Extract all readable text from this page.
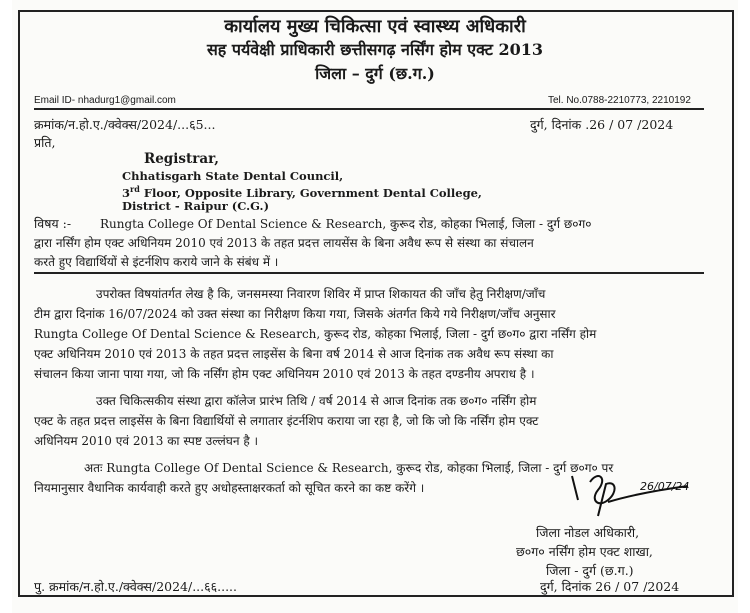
कार्यालय मुख्य चिकित्सा एवं स्वास्थ्य अधिकारी
सह पर्यवेक्षी प्राधिकारी छत्तीसगढ़ नर्सिंग होम एक्ट 2013
जिला – दुर्ग (छ.ग.)
Email ID- nhadurg1@gmail.com	Tel. No.0788-2210773, 2210192
क्रमांक/न.हो.ए./क्वेक्स/2024/...६5...	दुर्ग, दिनांक .26 / 07 /2024
प्रति,
Registrar,
Chhatisgarh State Dental Council,
3rd Floor, Opposite Library, Government Dental College,
District - Raipur (C.G.)
विषय :- Rungta College Of Dental Science & Research, कुरूद रोड, कोहका भिलाई, जिला - दुर्ग छ०ग०
द्वारा नर्सिंग होम एक्ट अधिनियम 2010 एवं 2013 के तहत प्रदत्त लायसेंस के बिना अवैध रूप से संस्था का संचालन
करते हुए विद्यार्थियों से इंटर्नशिप कराये जाने के संबंध में ।
उपरोक्त विषयांतर्गत लेख है कि, जनसमस्या निवारण शिविर में प्राप्त शिकायत की जाँच हेतु निरीक्षण/जाँच
टीम द्वारा दिनांक 16/07/2024 को उक्त संस्था का निरीक्षण किया गया, जिसके अंतर्गत किये गये निरीक्षण/जाँच अनुसार
Rungta College Of Dental Science & Research, कुरूद रोड, कोहका भिलाई, जिला - दुर्ग छ०ग० द्वारा नर्सिंग होम
एक्ट अधिनियम 2010 एवं 2013 के तहत प्रदत्त लाइसेंस के बिना वर्ष 2014 से आज दिनांक तक अवैध रूप संस्था का
संचालन किया जाना पाया गया, जो कि नर्सिंग होम एक्ट अधिनियम 2010 एवं 2013 के तहत दण्डनीय अपराध है ।
उक्त चिकित्सकीय संस्था द्वारा कॉलेज प्रारंभ तिथि / वर्ष 2014 से आज दिनांक तक छ०ग० नर्सिंग होम
एक्ट के तहत प्रदत्त लाइसेंस के बिना विद्यार्थियों से लगातार इंटर्नशिप कराया जा रहा है, जो कि जो कि नर्सिंग होम एक्ट
अधिनियम 2010 एवं 2013 का स्पष्ट उल्लंघन है ।
अतः Rungta College Of Dental Science & Research, कुरूद रोड, कोहका भिलाई, जिला - दुर्ग छ०ग० पर
नियमानुसार वैधानिक कार्यवाही करते हुए अधोहस्ताक्षरकर्ता को सूचित करने का कष्ट करेंगे ।	26/07/24
जिला नोडल अधिकारी,
छ०ग० नर्सिंग होम एक्ट शाखा,
जिला - दुर्ग (छ.ग.)
पु. क्रमांक/न.हो.ए./क्वेक्स/2024/...६६.....	दुर्ग, दिनांक 26 / 07 /2024
